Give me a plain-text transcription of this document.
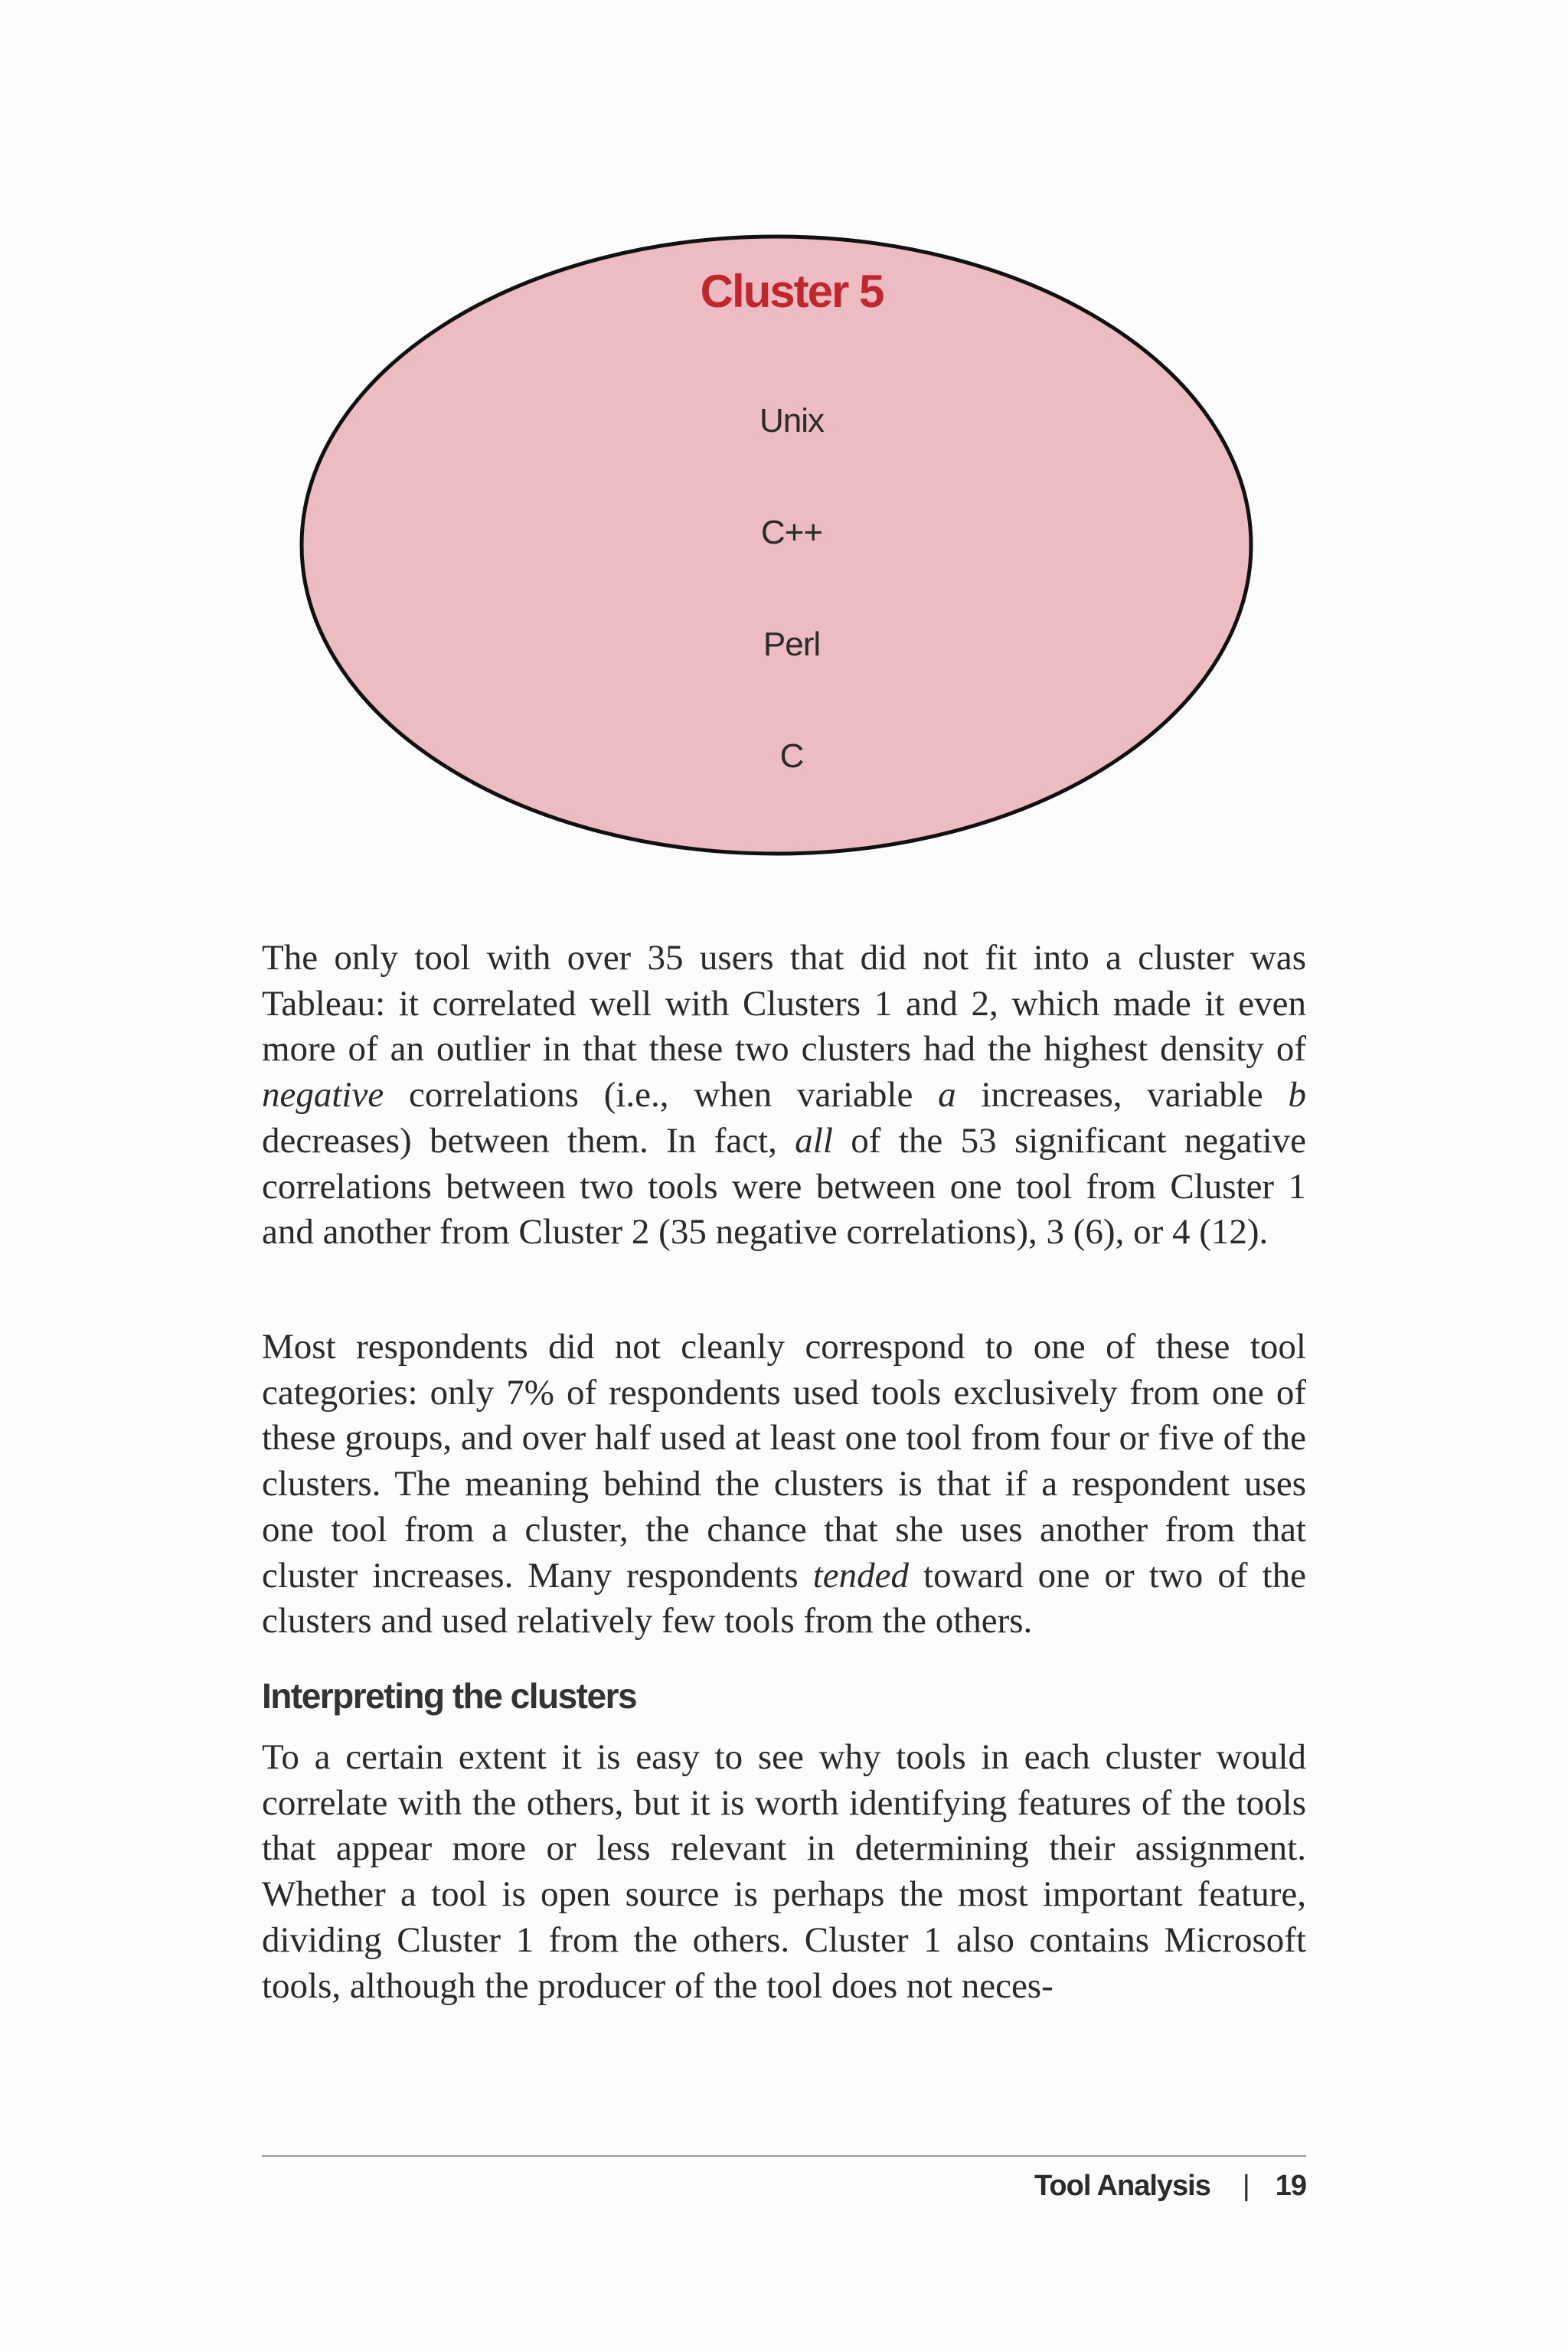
Cluster 5
Unix
C++
Perl
C

The only tool with over 35 users that did not fit into a cluster was Tableau: it correlated well with Clusters 1 and 2, which made it even more of an outlier in that these two clusters had the highest density of negative correlations (i.e., when variable a increases, variable b decreases) between them. In fact, all of the 53 significant negative correlations between two tools were between one tool from Cluster 1 and another from Cluster 2 (35 negative correlations), 3 (6), or 4 (12).

Most respondents did not cleanly correspond to one of these tool categories: only 7% of respondents used tools exclusively from one of these groups, and over half used at least one tool from four or five of the clusters. The meaning behind the clusters is that if a respondent uses one tool from a cluster, the chance that she uses another from that cluster increases. Many respondents tended toward one or two of the clusters and used relatively few tools from the others.

Interpreting the clusters

To a certain extent it is easy to see why tools in each cluster would correlate with the others, but it is worth identifying features of the tools that appear more or less relevant in determining their assignment. Whether a tool is open source is perhaps the most important feature, dividing Cluster 1 from the others. Cluster 1 also contains Microsoft tools, although the producer of the tool does not neces-

Tool Analysis | 19
